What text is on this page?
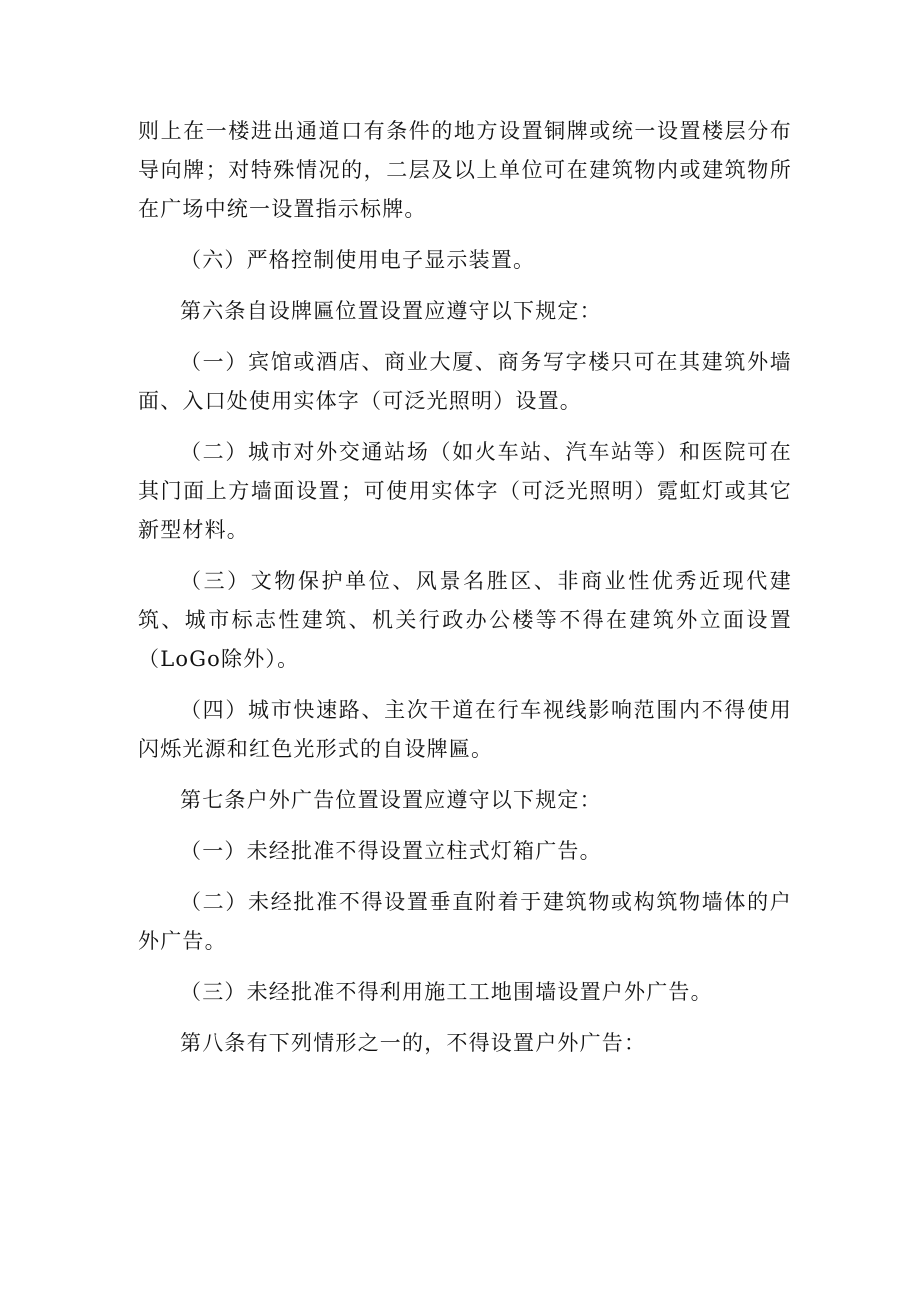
则上在一楼进出通道口有条件的地方设置铜牌或统一设置楼层分布导向牌；对特殊情况的，二层及以上单位可在建筑物内或建筑物所在广场中统一设置指示标牌。

（六）严格控制使用电子显示装置。

第六条自设牌匾位置设置应遵守以下规定：

（一）宾馆或酒店、商业大厦、商务写字楼只可在其建筑外墙面、入口处使用实体字（可泛光照明）设置。

（二）城市对外交通站场（如火车站、汽车站等）和医院可在其门面上方墙面设置；可使用实体字（可泛光照明）霓虹灯或其它新型材料。

（三）文物保护单位、风景名胜区、非商业性优秀近现代建筑、城市标志性建筑、机关行政办公楼等不得在建筑外立面设置（LoGo除外）。

（四）城市快速路、主次干道在行车视线影响范围内不得使用闪烁光源和红色光形式的自设牌匾。

第七条户外广告位置设置应遵守以下规定：

（一）未经批准不得设置立柱式灯箱广告。

（二）未经批准不得设置垂直附着于建筑物或构筑物墙体的户外广告。

（三）未经批准不得利用施工工地围墙设置户外广告。

第八条有下列情形之一的，不得设置户外广告：
